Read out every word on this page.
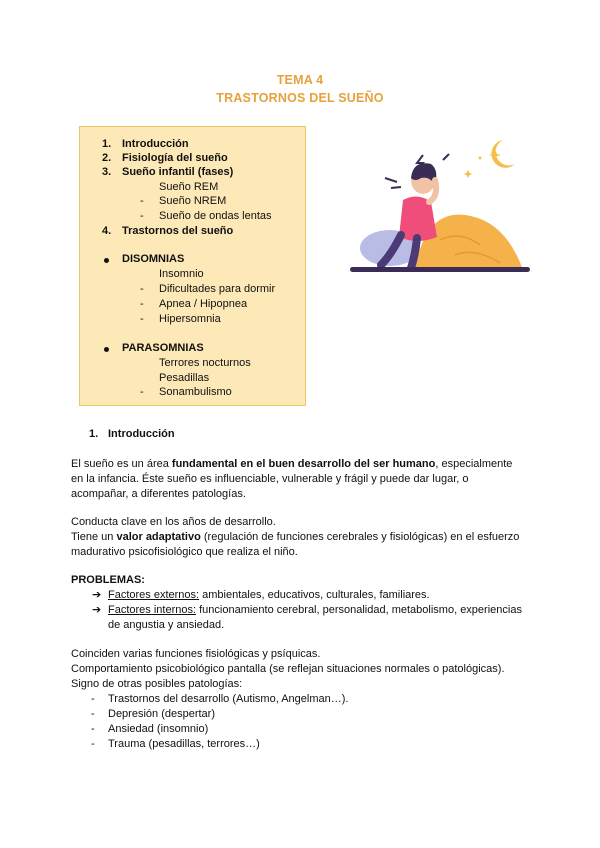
TEMA 4
TRASTORNOS DEL SUEÑO
1. Introducción
2. Fisiología del sueño
3. Sueño infantil (fases)
Sueño REM
- Sueño NREM
- Sueño de ondas lentas
4. Trastornos del sueño
DISOMNIAS
Insomnio
- Dificultades para dormir
- Apnea / Hipopnea
- Hipersomnia
PARASOMNIAS
Terrores nocturnos
Pesadillas
- Sonambulismo
1. Introducción
El sueño es un área fundamental en el buen desarrollo del ser humano, especialmente
en la infancia. Éste sueño es influenciable, vulnerable y frágil y puede dar lugar, o
acompañar, a diferentes patologías.
Conducta clave en los años de desarrollo.
Tiene un valor adaptativo (regulación de funciones cerebrales y fisiológicas) en el esfuerzo
madurativo psicofisiológico que realiza el niño.
PROBLEMAS:
➔ Factores externos: ambientales, educativos, culturales, familiares.
➔ Factores internos: funcionamiento cerebral, personalidad, metabolismo, experiencias
de angustia y ansiedad.
Coinciden varias funciones fisiológicas y psíquicas.
Comportamiento psicobiológico pantalla (se reflejan situaciones normales o patológicas).
Signo de otras posibles patologías:
- Trastornos del desarrollo (Autismo, Angelman…).
- Depresión (despertar)
- Ansiedad (insomnio)
- Trauma (pesadillas, terrores…)
